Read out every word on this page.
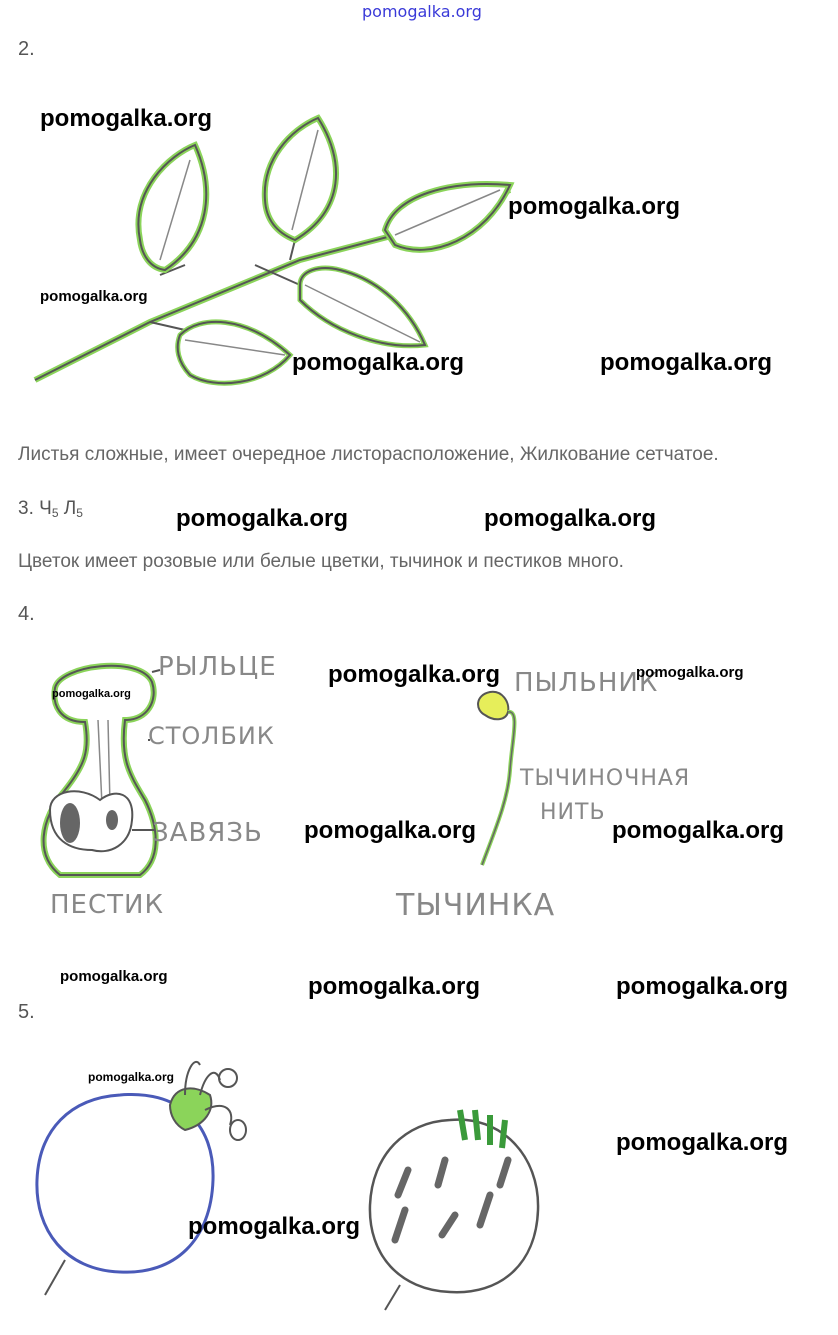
pomogalka.org
2.
pomogalka.org
pomogalka.org
pomogalka.org
pomogalka.org	pomogalka.org
Листья сложные, имеет очередное листорасположение, Жилкование сетчатое.
3. $Ч_5$ $Л_5$	pomogalka.org	pomogalka.org
Цветок имеет розовые или белые цветки, тычинок и пестиков много.
4.
РЫЛЬЦЕ
СТОЛБИК
ЗАВЯЗЬ
ПЕСТИК
ПЫЛЬНИК
ТЫЧИНОЧНАЯ
НИТЬ
ТЫЧИНКА
pomogalka.org
pomogalka.org	pomogalka.org
pomogalka.org	pomogalka.org
pomogalka.org	pomogalka.org	pomogalka.org
5.
pomogalka.org
pomogalka.org
pomogalka.org
